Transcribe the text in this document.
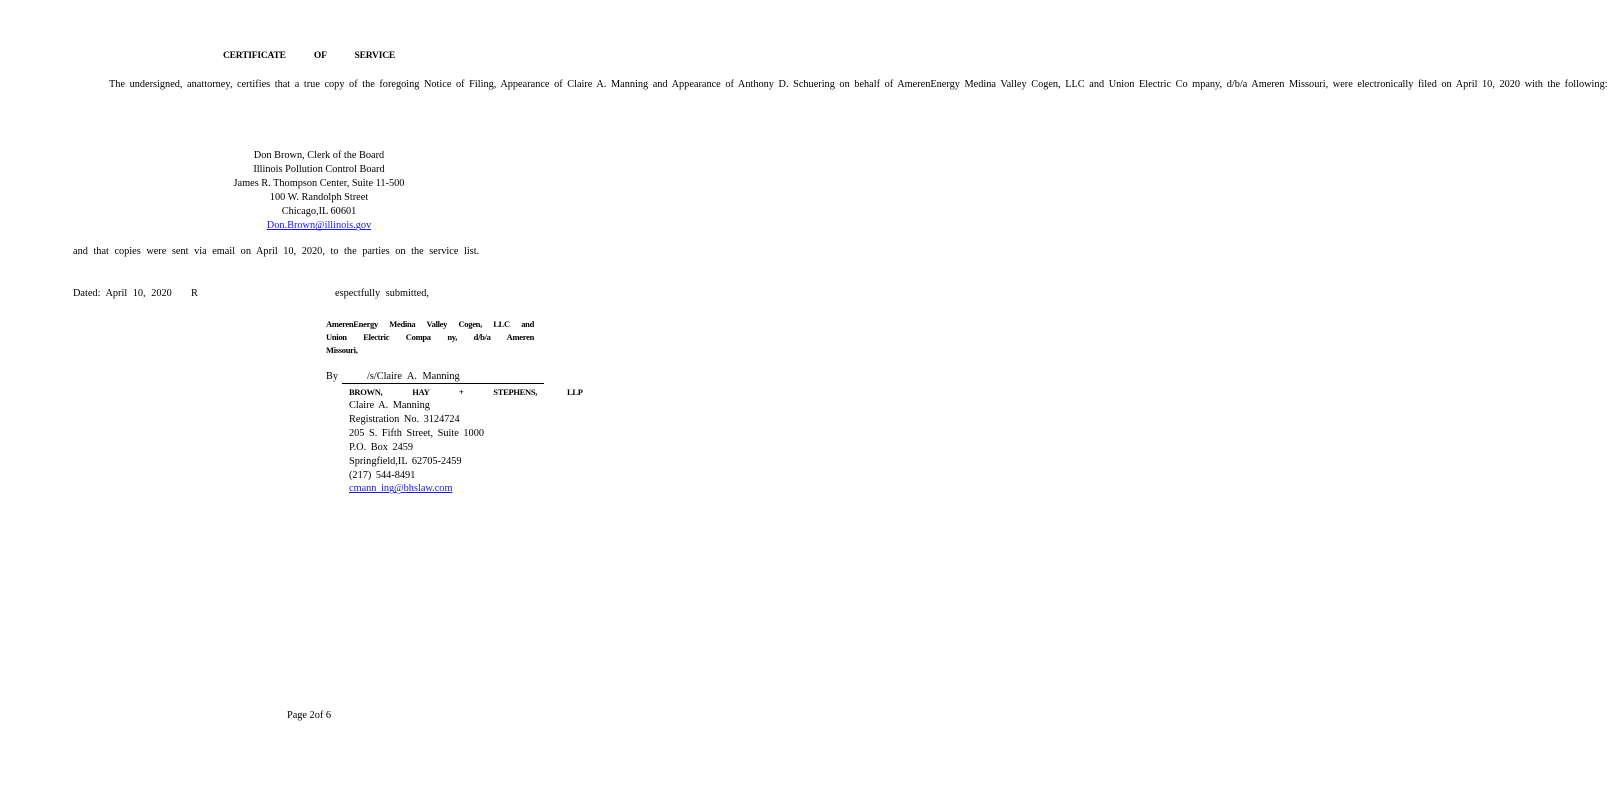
CERTIFICATE OF SERVICE
The undersigned, anattorney, certifies that a true copy of the foregoing Notice of Filing, Appearance of Claire A. Manning and Appearance of Anthony D. Schuering on behalf of AmerenEnergy Medina Valley Cogen, LLC and Union Electric Co mpany, d/b/a Ameren Missouri, were electronically filed on April 10, 2020 with the following:
Don Brown, Clerk of the Board
Illinois Pollution Control Board
James R. Thompson Center, Suite 11-500
100 W. Randolph Street
Chicago,IL 60601
Don.Brown@illinois.gov
and that copies were sent via email on April 10, 2020, to the parties on the service list.
Dated: April 10, 2020 R	espectfully submitted,
AmerenEnergy Medina Valley Cogen, LLC and Union Electric Compa ny, d/b/a Ameren Missouri,
By	/s/Claire A. Manning
BROWN, HAY + STEPHENS, LLP
Claire A. Manning
Registration No. 3124724
205 S. Fifth Street, Suite 1000
P.O. Box 2459
Springfield,IL 62705-2459
(217) 544-8491
cmann ing@bhslaw.com
Page 2of 6
